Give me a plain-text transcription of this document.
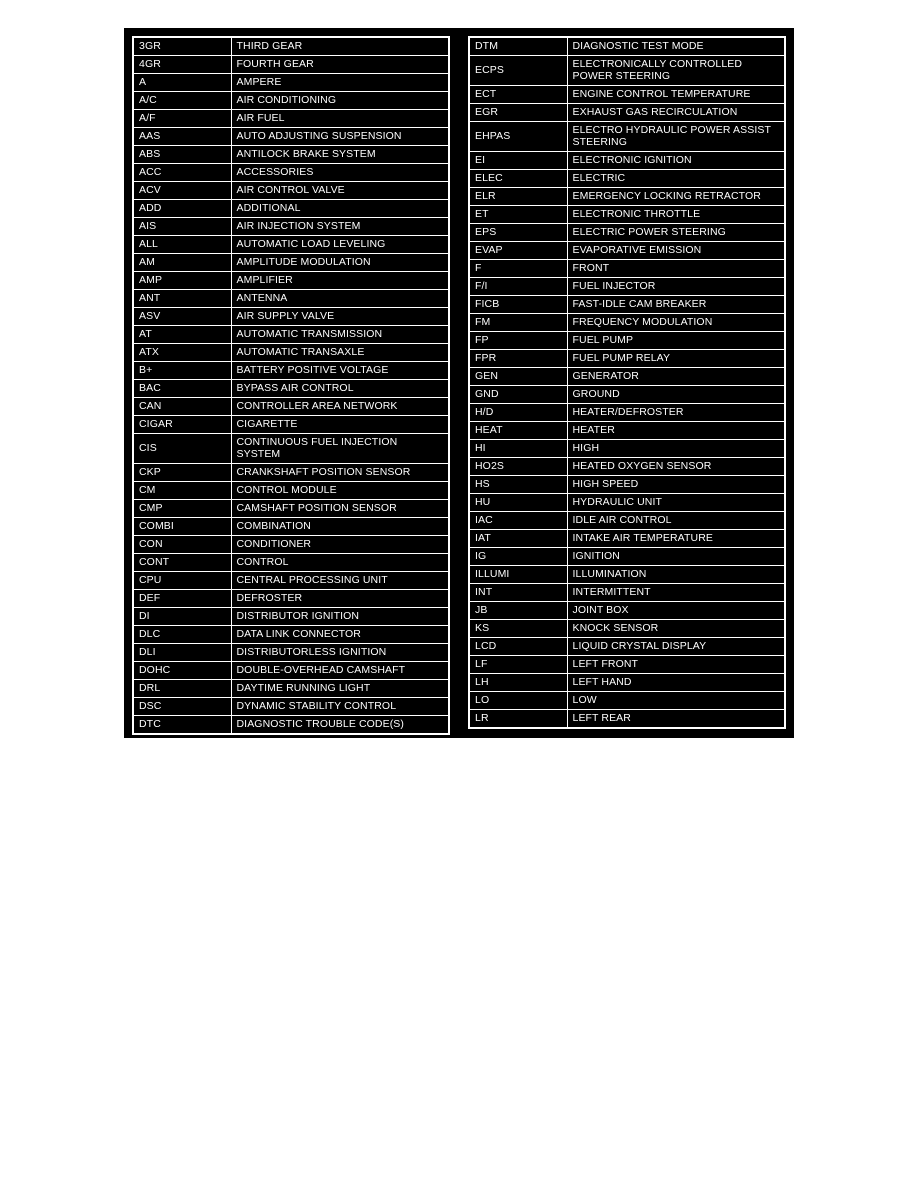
3GR	THIRD GEAR
4GR	FOURTH GEAR
A	AMPERE
A/C	AIR CONDITIONING
A/F	AIR FUEL
AAS	AUTO ADJUSTING SUSPENSION
ABS	ANTILOCK BRAKE SYSTEM
ACC	ACCESSORIES
ACV	AIR CONTROL VALVE
ADD	ADDITIONAL
AIS	AIR INJECTION SYSTEM
ALL	AUTOMATIC LOAD LEVELING
AM	AMPLITUDE MODULATION
AMP	AMPLIFIER
ANT	ANTENNA
ASV	AIR SUPPLY VALVE
AT	AUTOMATIC TRANSMISSION
ATX	AUTOMATIC TRANSAXLE
B+	BATTERY POSITIVE VOLTAGE
BAC	BYPASS AIR CONTROL
CAN	CONTROLLER AREA NETWORK
CIGAR	CIGARETTE
CIS	CONTINUOUS FUEL INJECTION SYSTEM
CKP	CRANKSHAFT POSITION SENSOR
CM	CONTROL MODULE
CMP	CAMSHAFT POSITION SENSOR
COMBI	COMBINATION
CON	CONDITIONER
CONT	CONTROL
CPU	CENTRAL PROCESSING UNIT
DEF	DEFROSTER
DI	DISTRIBUTOR IGNITION
DLC	DATA LINK CONNECTOR
DLI	DISTRIBUTORLESS IGNITION
DOHC	DOUBLE-OVERHEAD CAMSHAFT
DRL	DAYTIME RUNNING LIGHT
DSC	DYNAMIC STABILITY CONTROL
DTC	DIAGNOSTIC TROUBLE CODE(S)
DTM	DIAGNOSTIC TEST MODE
ECPS	ELECTRONICALLY CONTROLLED POWER STEERING
ECT	ENGINE CONTROL TEMPERATURE
EGR	EXHAUST GAS RECIRCULATION
EHPAS	ELECTRO HYDRAULIC POWER ASSIST STEERING
EI	ELECTRONIC IGNITION
ELEC	ELECTRIC
ELR	EMERGENCY LOCKING RETRACTOR
ET	ELECTRONIC THROTTLE
EPS	ELECTRIC POWER STEERING
EVAP	EVAPORATIVE EMISSION
F	FRONT
F/I	FUEL INJECTOR
FICB	FAST-IDLE CAM BREAKER
FM	FREQUENCY MODULATION
FP	FUEL PUMP
FPR	FUEL PUMP RELAY
GEN	GENERATOR
GND	GROUND
H/D	HEATER/DEFROSTER
HEAT	HEATER
HI	HIGH
HO2S	HEATED OXYGEN SENSOR
HS	HIGH SPEED
HU	HYDRAULIC UNIT
IAC	IDLE AIR CONTROL
IAT	INTAKE AIR TEMPERATURE
IG	IGNITION
ILLUMI	ILLUMINATION
INT	INTERMITTENT
JB	JOINT BOX
KS	KNOCK SENSOR
LCD	LIQUID CRYSTAL DISPLAY
LF	LEFT FRONT
LH	LEFT HAND
LO	LOW
LR	LEFT REAR
